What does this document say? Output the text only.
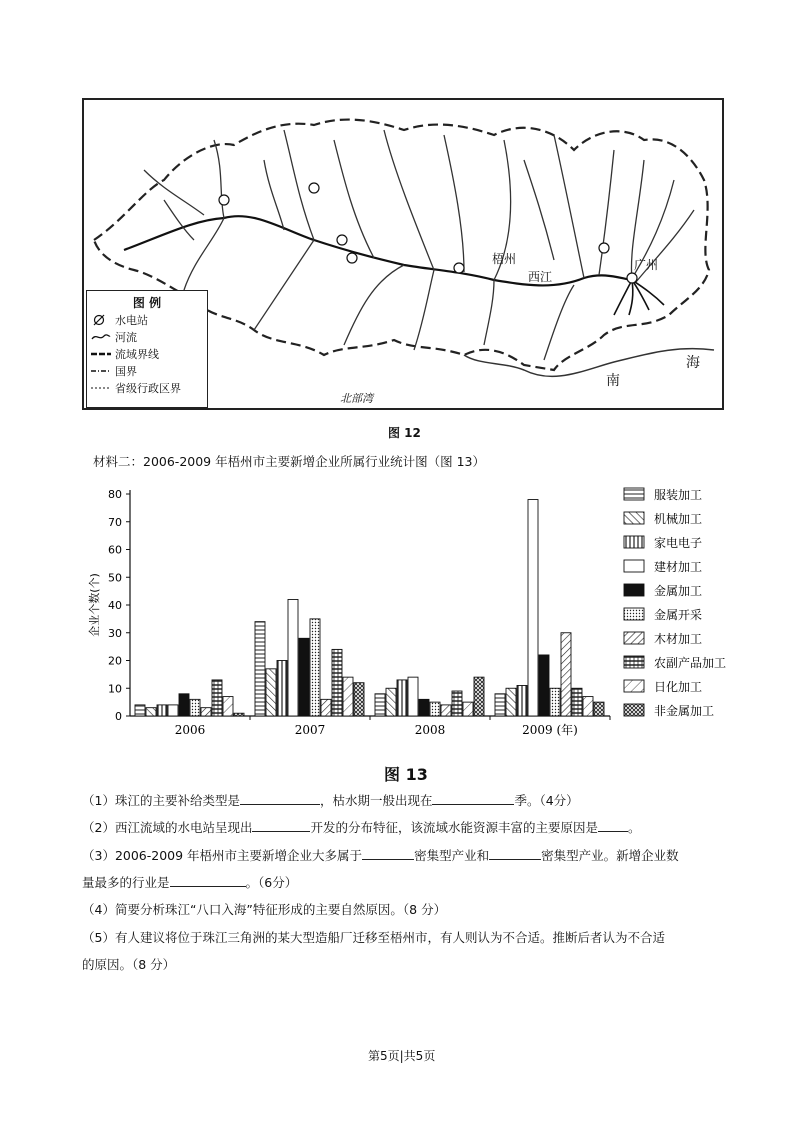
梧州
西江
广州
北部湾
南
海
图 例
水电站
河流
流域界线
国界
省级行政区界
图 12
材料二：2006-2009 年梧州市主要新增企业所属行业统计图（图 13）
0
10
20
30
40
50
60
70
80
企业个数(个)
2006	2007	2008	2009 (年)
服装加工
机械加工
家电电子
建材加工
金属加工
金属开采
木材加工
农副产品加工
日化加工
非金属加工
图 13
（1）珠江的主要补给类型是	，枯水期一般出现在	季。（4分）
（2）西江流域的水电站呈现出	开发的分布特征，该流域水能资源丰富的主要原因是 。
（3）2006-2009 年梧州市主要新增企业大多属于	密集型产业和	密集型产业。新增企业数
量最多的行业是	。（6分）
（4）简要分析珠江“八口入海”特征形成的主要自然原因。（8 分）
（5）有人建议将位于珠江三角洲的某大型造船厂迁移至梧州市，有人则认为不合适。推断后者认为不合适
的原因。（8 分）
第5页|共5页
